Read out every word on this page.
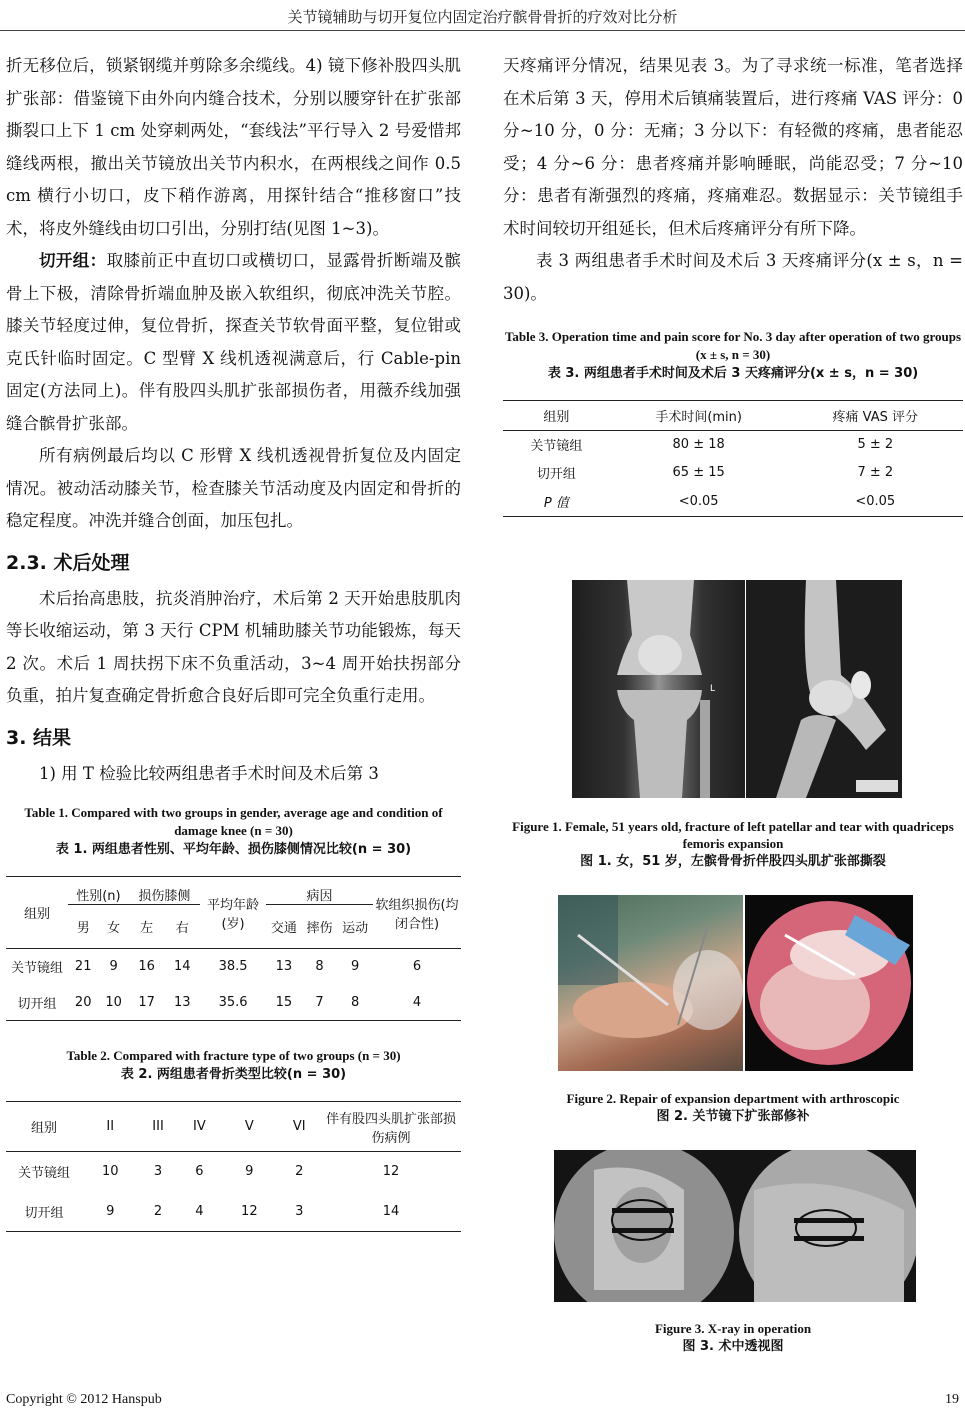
关节镜辅助与切开复位内固定治疗髌骨骨折的疗效对比分析

折无移位后，锁紧钢缆并剪除多余缆线。4) 镜下修补股四头肌扩张部：借鉴镜下由外向内缝合技术，分别以腰穿针在扩张部撕裂口上下 1 cm 处穿刺两处，“套线法”平行导入 2 号爱惜邦缝线两根，撤出关节镜放出关节内积水，在两根线之间作 0.5 cm 横行小切口，皮下稍作游离，用探针结合“推移窗口”技术，将皮外缝线由切口引出，分别打结(见图 1~3)。

切开组：取膝前正中直切口或横切口，显露骨折断端及髌骨上下极，清除骨折端血肿及嵌入软组织，彻底冲洗关节腔。膝关节轻度过伸，复位骨折，探查关节软骨面平整，复位钳或克氏针临时固定。C 型臂 X 线机透视满意后，行 Cable-pin 固定(方法同上)。伴有股四头肌扩张部损伤者，用薇乔线加强缝合髌骨扩张部。

所有病例最后均以 C 形臂 X 线机透视骨折复位及内固定情况。被动活动膝关节，检查膝关节活动度及内固定和骨折的稳定程度。冲洗并缝合创面，加压包扎。

2.3. 术后处理

术后抬高患肢，抗炎消肿治疗，术后第 2 天开始患肢肌肉等长收缩运动，第 3 天行 CPM 机辅助膝关节功能锻炼，每天 2 次。术后 1 周扶拐下床不负重活动，3~4 周开始扶拐部分负重，拍片复查确定骨折愈合良好后即可完全负重行走用。

3. 结果

1) 用 T 检验比较两组患者手术时间及术后第 3

Table 1. Compared with two groups in gender, average age and condition of damage knee (n = 30)
表 1. 两组患者性别、平均年龄、损伤膝侧情况比较(n = 30)
组别	性别(n)		损伤膝侧		平均年龄(岁)	病因			软组织损伤(均闭合性)
	男	女	左	右		交通	摔伤	运动	
关节镜组	21	9	16	14	38.5	13	8	9	6
切开组	20	10	17	13	35.6	15	7	8	4
Table 2. Compared with fracture type of two groups (n = 30)
表 2. 两组患者骨折类型比较(n = 30)
组别	II	III	IV	V	VI	伴有股四头肌扩张部损伤病例
关节镜组	10	3	6	9	2	12
切开组	9	2	4	12	3	14

天疼痛评分情况，结果见表 3。为了寻求统一标准，笔者选择在术后第 3 天，停用术后镇痛装置后，进行疼痛 VAS 评分：0 分~10 分，0 分：无痛；3 分以下：有轻微的疼痛，患者能忍受；4 分~6 分：患者疼痛并影响睡眠，尚能忍受；7 分~10 分：患者有渐强烈的疼痛，疼痛难忍。数据显示：关节镜组手术时间较切开组延长，但术后疼痛评分有所下降。

表 3 两组患者手术时间及术后 3 天疼痛评分(x ± s，n = 30)。

Table 3. Operation time and pain score for No. 3 day after operation of two groups (x ± s, n = 30)
表 3. 两组患者手术时间及术后 3 天疼痛评分(x ± s，n = 30)
组别	手术时间(min)	疼痛 VAS 评分
关节镜组	80 ± 18	5 ± 2
切开组	65 ± 15	7 ± 2
P 值	<0.05	<0.05
L
Figure 1. Female, 51 years old, fracture of left patellar and tear with quadriceps femoris expansion
图 1. 女，51 岁，左髌骨骨折伴股四头肌扩张部撕裂
Figure 2. Repair of expansion department with arthroscopic
图 2. 关节镜下扩张部修补
Figure 3. X-ray in operation
图 3. 术中透视图
Copyright © 2012 Hanspub	19
